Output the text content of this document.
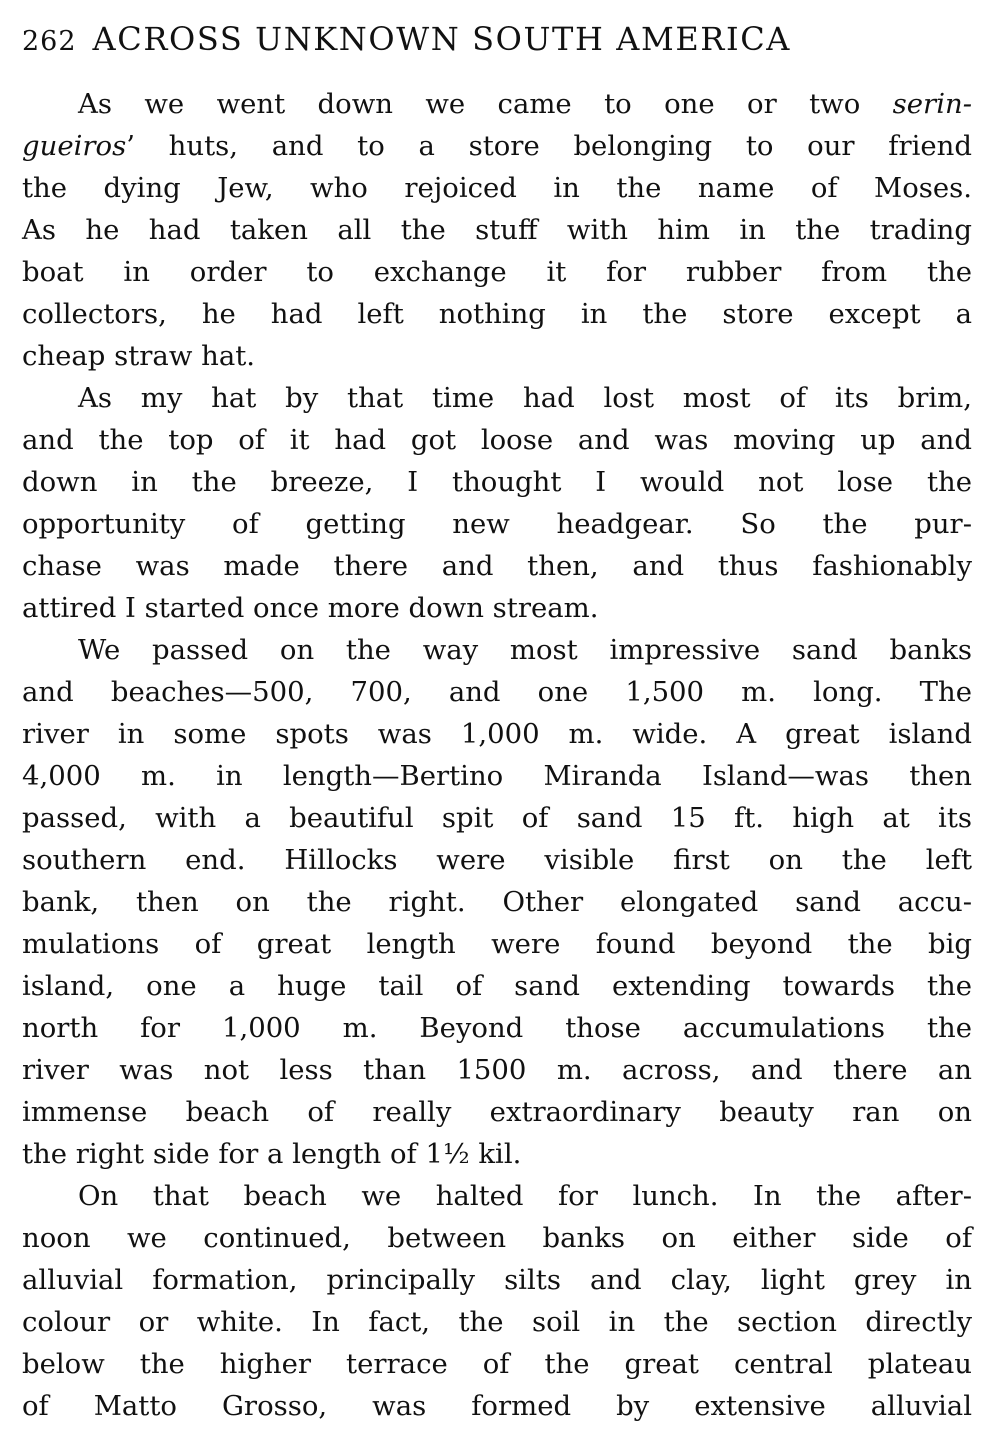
262 ACROSS UNKNOWN SOUTH AMERICA
As we went down we came to one or two serin-
gueiros’ huts, and to a store belonging to our friend
the dying Jew, who rejoiced in the name of Moses.
As he had taken all the stuff with him in the trading
boat in order to exchange it for rubber from the
collectors, he had left nothing in the store except a
cheap straw hat.
As my hat by that time had lost most of its brim,
and the top of it had got loose and was moving up and
down in the breeze, I thought I would not lose the
opportunity of getting new headgear. So the pur-
chase was made there and then, and thus fashionably
attired I started once more down stream.
We passed on the way most impressive sand banks
and beaches—500, 700, and one 1,500 m. long. The
river in some spots was 1,000 m. wide. A great island
4,000 m. in length—Bertino Miranda Island—was then
passed, with a beautiful spit of sand 15 ft. high at its
southern end. Hillocks were visible first on the left
bank, then on the right. Other elongated sand accu-
mulations of great length were found beyond the big
island, one a huge tail of sand extending towards the
north for 1,000 m. Beyond those accumulations the
river was not less than 1500 m. across, and there an
immense beach of really extraordinary beauty ran on
the right side for a length of 1½ kil.
On that beach we halted for lunch. In the after-
noon we continued, between banks on either side of
alluvial formation, principally silts and clay, light grey in
colour or white. In fact, the soil in the section directly
below the higher terrace of the great central plateau
of Matto Grosso, was formed by extensive alluvial
